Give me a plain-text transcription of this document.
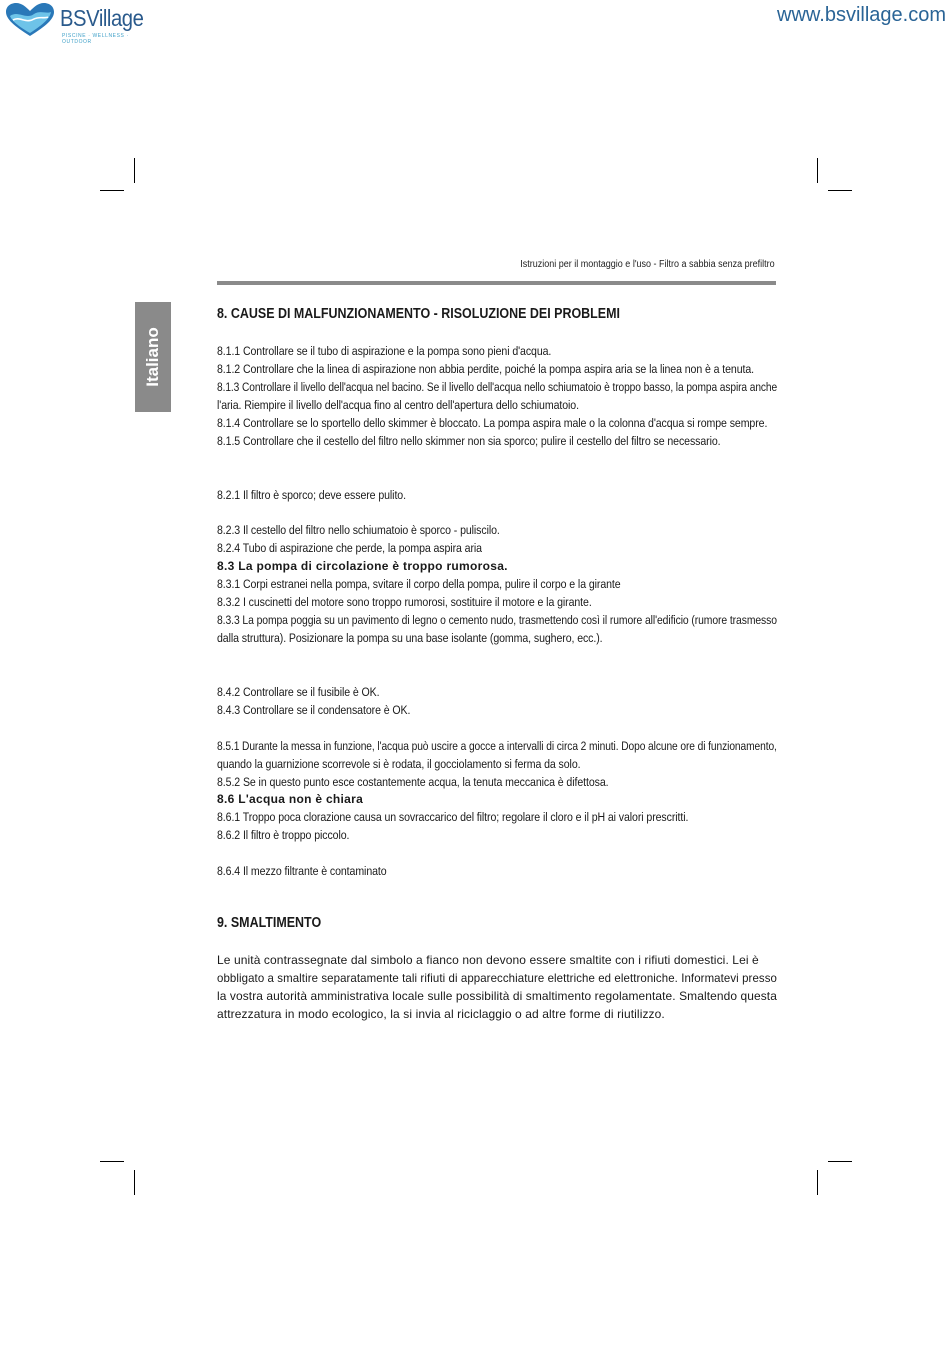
BSVillage
PISCINE · WELLNESS · OUTDOOR
www.bsvillage.com
Italiano
Istruzioni per il montaggio e l'uso - Filtro a sabbia senza prefiltro
8. CAUSE DI MALFUNZIONAMENTO - RISOLUZIONE DEI PROBLEMI
8.1.1 Controllare se il tubo di aspirazione e la pompa sono pieni d'acqua.
8.1.2 Controllare che la linea di aspirazione non abbia perdite, poiché la pompa aspira aria se la linea non è a tenuta.
8.1.3 Controllare il livello dell'acqua nel bacino. Se il livello dell'acqua nello schiumatoio è troppo basso, la pompa aspira anche
l'aria. Riempire il livello dell'acqua fino al centro dell'apertura dello schiumatoio.
8.1.4 Controllare se lo sportello dello skimmer è bloccato. La pompa aspira male o la colonna d'acqua si rompe sempre.
8.1.5 Controllare che il cestello del filtro nello skimmer non sia sporco; pulire il cestello del filtro se necessario.
8.2.1 Il filtro è sporco; deve essere pulito.
8.2.3 Il cestello del filtro nello schiumatoio è sporco - puliscilo.
8.2.4 Tubo di aspirazione che perde, la pompa aspira aria
8.3 La pompa di circolazione è troppo rumorosa.
8.3.1 Corpi estranei nella pompa, svitare il corpo della pompa, pulire il corpo e la girante
8.3.2 I cuscinetti del motore sono troppo rumorosi, sostituire il motore e la girante.
8.3.3 La pompa poggia su un pavimento di legno o cemento nudo, trasmettendo così il rumore all'edificio (rumore trasmesso
dalla struttura). Posizionare la pompa su una base isolante (gomma, sughero, ecc.).
8.4.2 Controllare se il fusibile è OK.
8.4.3 Controllare se il condensatore è OK.
8.5.1 Durante la messa in funzione, l'acqua può uscire a gocce a intervalli di circa 2 minuti. Dopo alcune ore di funzionamento,
quando la guarnizione scorrevole si è rodata, il gocciolamento si ferma da solo.
8.5.2 Se in questo punto esce costantemente acqua, la tenuta meccanica è difettosa.
8.6 L'acqua non è chiara
8.6.1 Troppo poca clorazione causa un sovraccarico del filtro; regolare il cloro e il pH ai valori prescritti.
8.6.2 Il filtro è troppo piccolo.
8.6.4 Il mezzo filtrante è contaminato
9. SMALTIMENTO
Le unità contrassegnate dal simbolo a fianco non devono essere smaltite con i rifiuti domestici. Lei è
obbligato a smaltire separatamente tali rifiuti di apparecchiature elettriche ed elettroniche. Informatevi presso
la vostra autorità amministrativa locale sulle possibilità di smaltimento regolamentate. Smaltendo questa
attrezzatura in modo ecologico, la si invia al riciclaggio o ad altre forme di riutilizzo.
